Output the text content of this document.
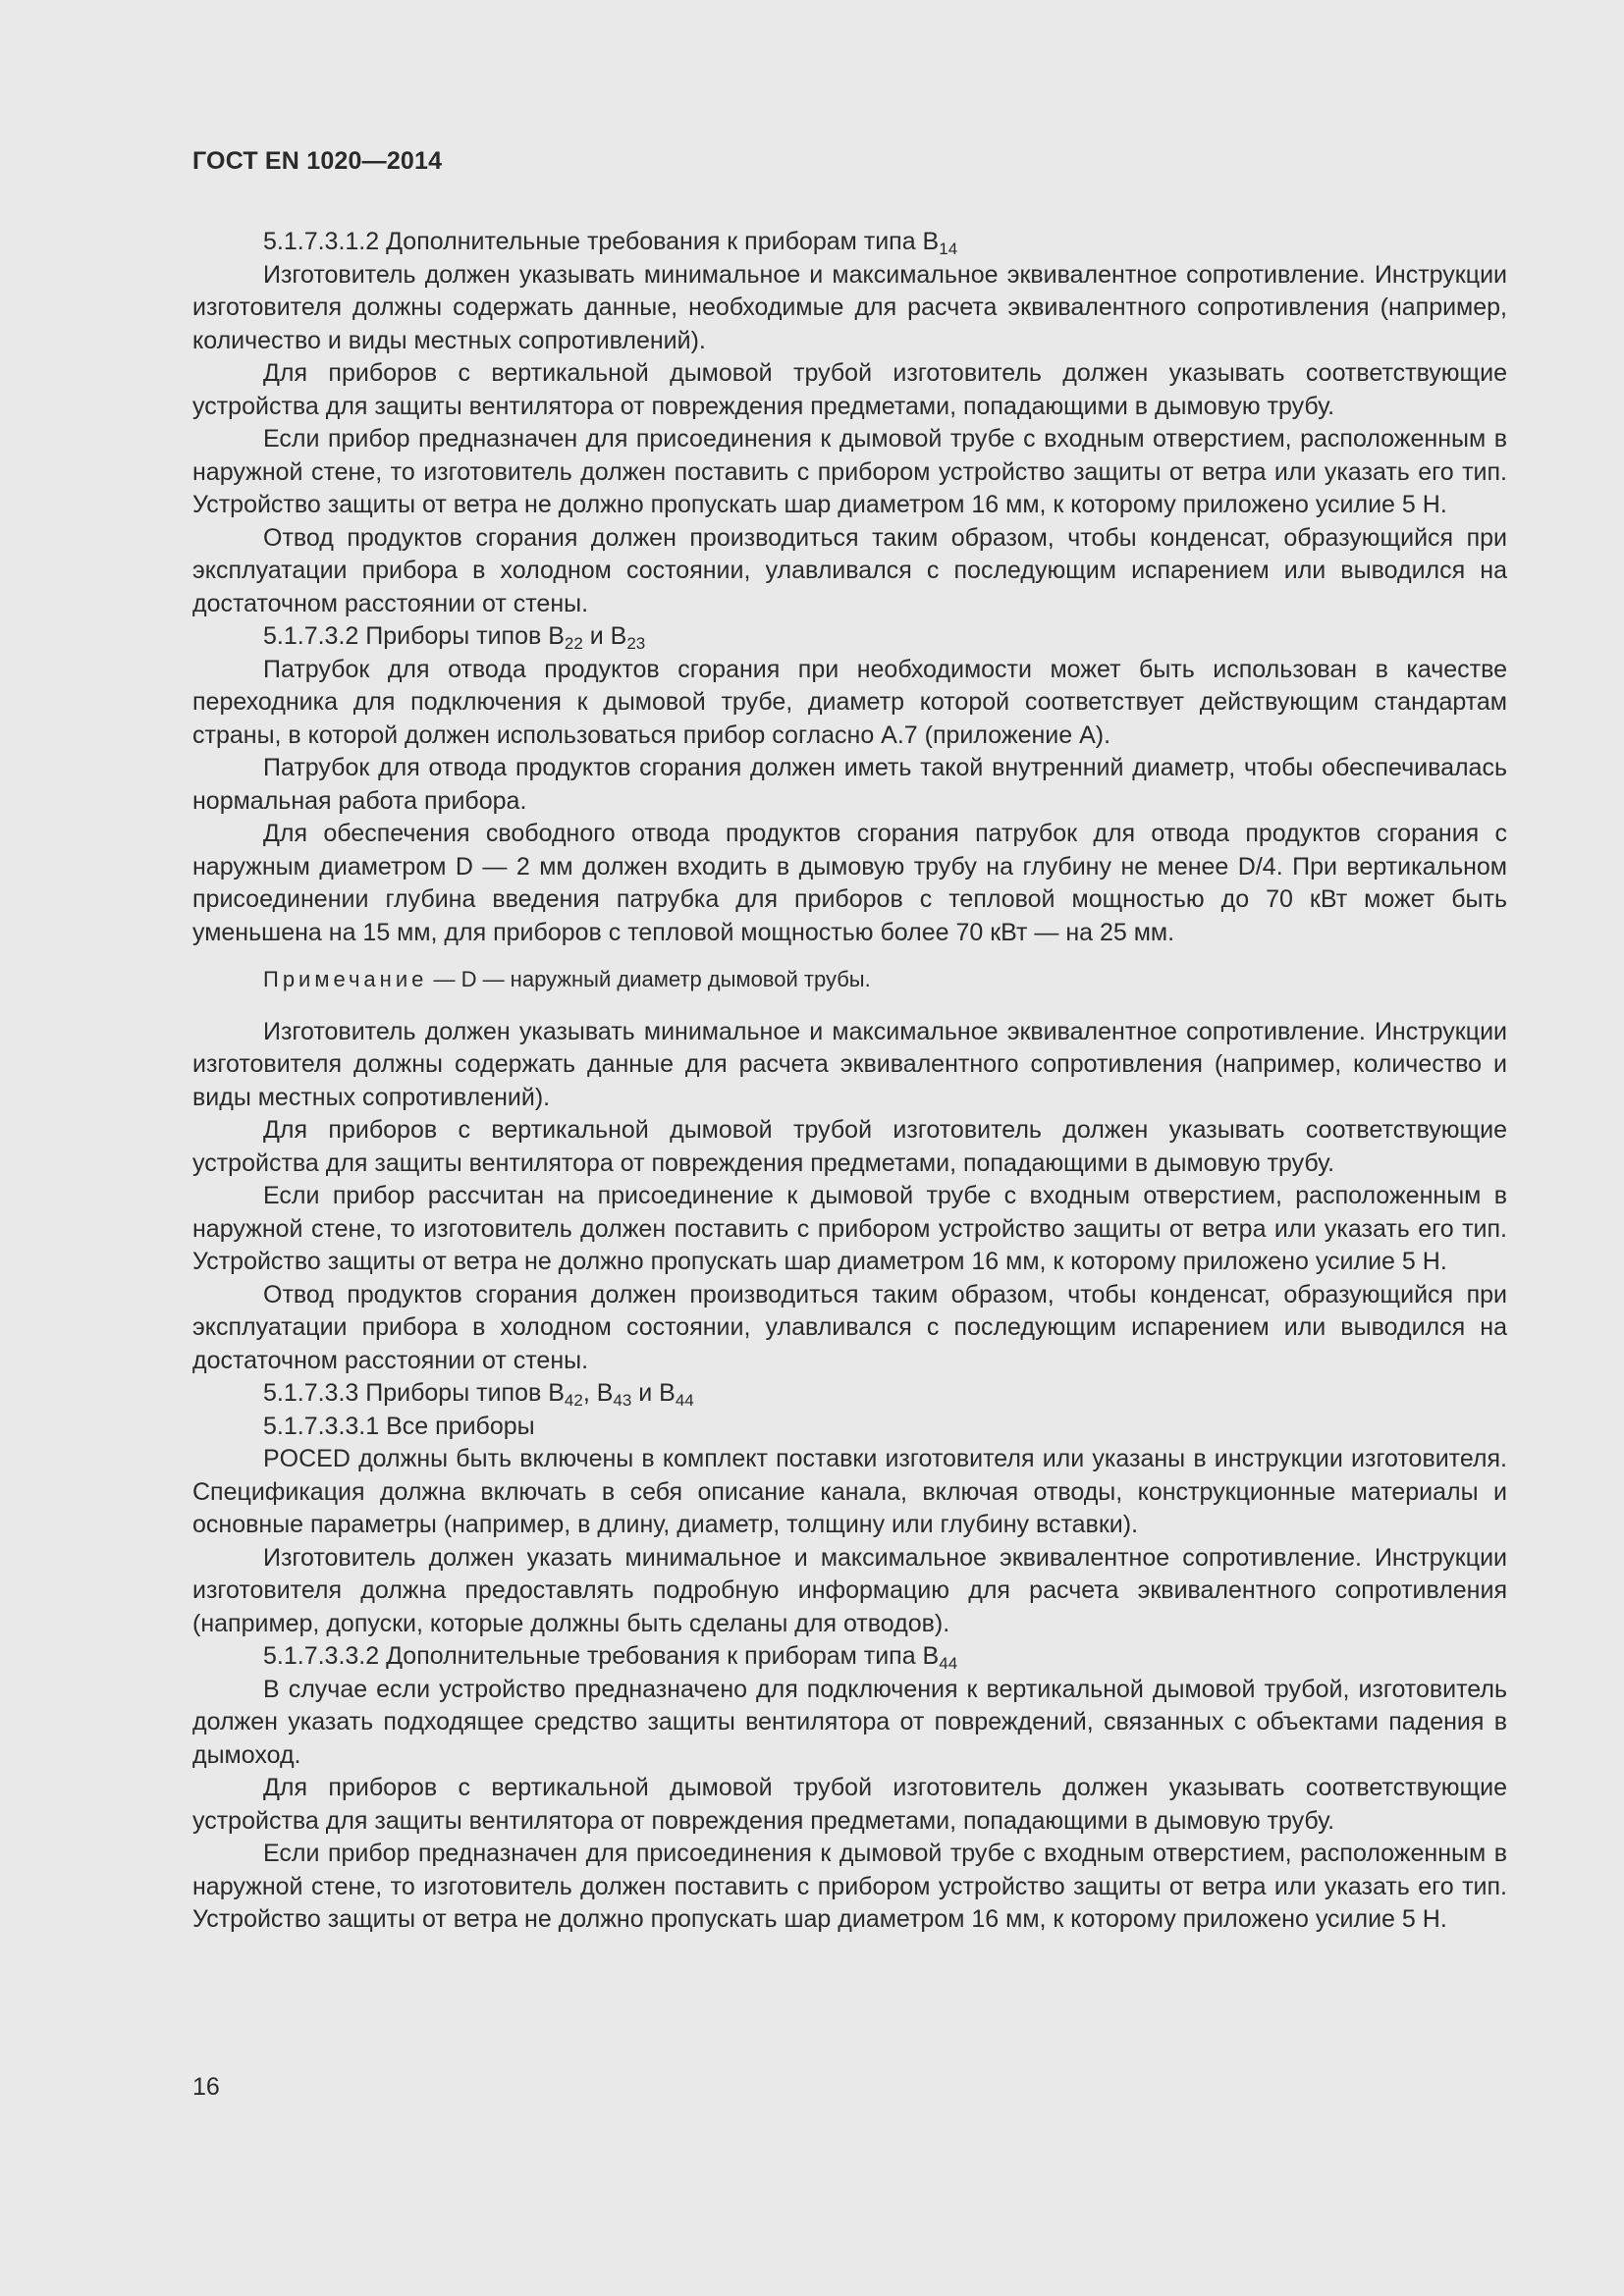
ГОСТ EN 1020—2014

5.1.7.3.1.2 Дополнительные требования к приборам типа $В_{14}$

Изготовитель должен указывать минимальное и максимальное эквивалентное сопротивление. Инструкции изготовителя должны содержать данные, необходимые для расчета эквивалентного сопротивления (например, количество и виды местных сопротивлений).

Для приборов с вертикальной дымовой трубой изготовитель должен указывать соответствующие устройства для защиты вентилятора от повреждения предметами, попадающими в дымовую трубу.

Если прибор предназначен для присоединения к дымовой трубе с входным отверстием, расположенным в наружной стене, то изготовитель должен поставить с прибором устройство защиты от ветра или указать его тип. Устройство защиты от ветра не должно пропускать шар диаметром 16 мм, к которому приложено усилие 5 Н.

Отвод продуктов сгорания должен производиться таким образом, чтобы конденсат, образующийся при эксплуатации прибора в холодном состоянии, улавливался с последующим испарением или выводился на достаточном расстоянии от стены.

5.1.7.3.2 Приборы типов $В_{22}$ и $В_{23}$

Патрубок для отвода продуктов сгорания при необходимости может быть использован в качестве переходника для подключения к дымовой трубе, диаметр которой соответствует действующим стандартам страны, в которой должен использоваться прибор согласно А.7 (приложение А).

Патрубок для отвода продуктов сгорания должен иметь такой внутренний диаметр, чтобы обеспечивалась нормальная работа прибора.

Для обеспечения свободного отвода продуктов сгорания патрубок для отвода продуктов сгорания с наружным диаметром D — 2 мм должен входить в дымовую трубу на глубину не менее D/4. При вертикальном присоединении глубина введения патрубка для приборов с тепловой мощностью до 70 кВт может быть уменьшена на 15 мм, для приборов с тепловой мощностью более 70 кВт — на 25 мм.

Примечание — D — наружный диаметр дымовой трубы.

Изготовитель должен указывать минимальное и максимальное эквивалентное сопротивление. Инструкции изготовителя должны содержать данные для расчета эквивалентного сопротивления (например, количество и виды местных сопротивлений).

Для приборов с вертикальной дымовой трубой изготовитель должен указывать соответствующие устройства для защиты вентилятора от повреждения предметами, попадающими в дымовую трубу.

Если прибор рассчитан на присоединение к дымовой трубе с входным отверстием, расположенным в наружной стене, то изготовитель должен поставить с прибором устройство защиты от ветра или указать его тип. Устройство защиты от ветра не должно пропускать шар диаметром 16 мм, к которому приложено усилие 5 Н.

Отвод продуктов сгорания должен производиться таким образом, чтобы конденсат, образующийся при эксплуатации прибора в холодном состоянии, улавливался с последующим испарением или выводился на достаточном расстоянии от стены.

5.1.7.3.3 Приборы типов $В_{42}$, $В_{43}$ и $В_{44}$

5.1.7.3.3.1 Все приборы

POCED должны быть включены в комплект поставки изготовителя или указаны в инструкции изготовителя. Спецификация должна включать в себя описание канала, включая отводы, конструкционные материалы и основные параметры (например, в длину, диаметр, толщину или глубину вставки).

Изготовитель должен указать минимальное и максимальное эквивалентное сопротивление. Инструкции изготовителя должна предоставлять подробную информацию для расчета эквивалентного сопротивления (например, допуски, которые должны быть сделаны для отводов).

5.1.7.3.3.2 Дополнительные требования к приборам типа $В_{44}$

В случае если устройство предназначено для подключения к вертикальной дымовой трубой, изготовитель должен указать подходящее средство защиты вентилятора от повреждений, связанных с объектами падения в дымоход.

Для приборов с вертикальной дымовой трубой изготовитель должен указывать соответствующие устройства для защиты вентилятора от повреждения предметами, попадающими в дымовую трубу.

Если прибор предназначен для присоединения к дымовой трубе с входным отверстием, расположенным в наружной стене, то изготовитель должен поставить с прибором устройство защиты от ветра или указать его тип. Устройство защиты от ветра не должно пропускать шар диаметром 16 мм, к которому приложено усилие 5 Н.

16
